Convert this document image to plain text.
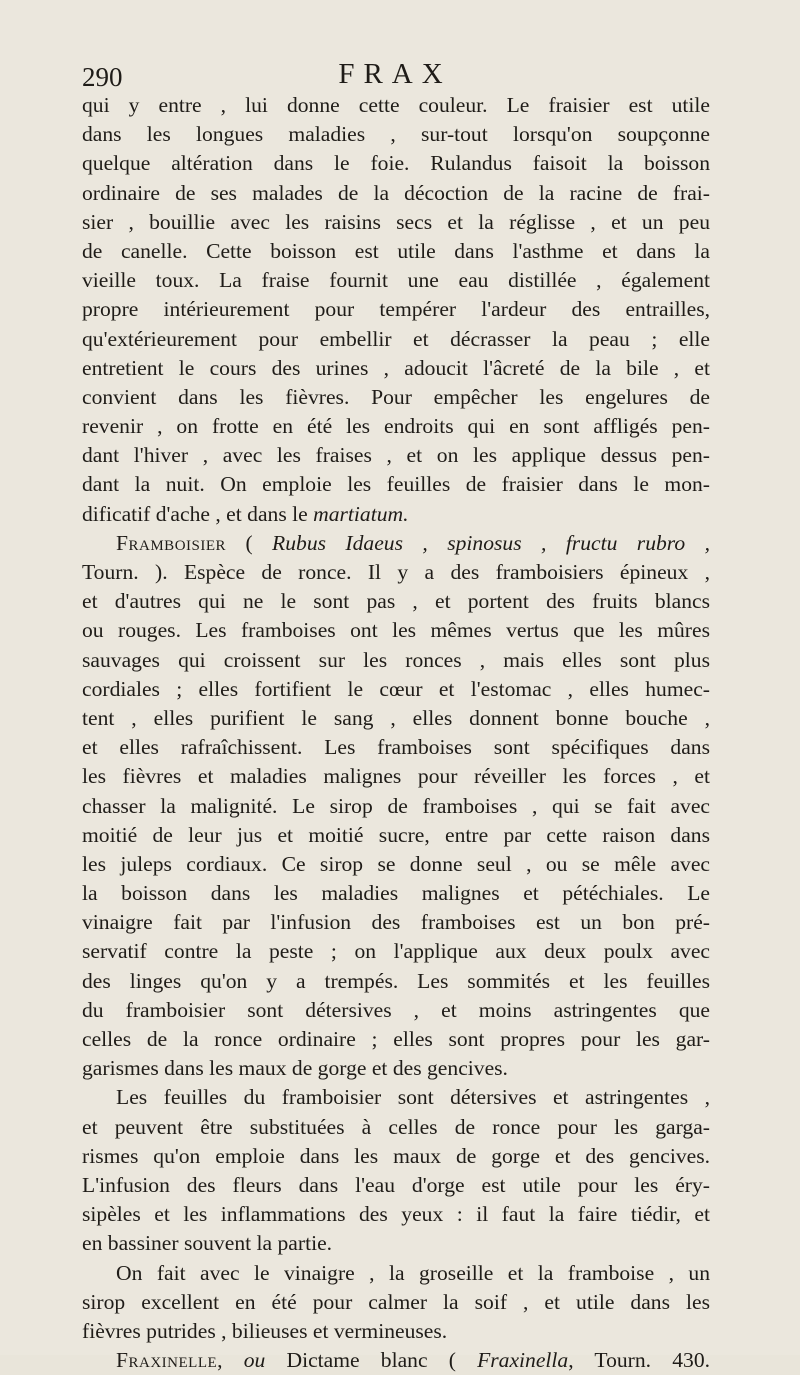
290	FRAX
qui y entre , lui donne cette couleur. Le fraisier est utile
dans les longues maladies , sur-tout lorsqu'on soupçonne
quelque altération dans le foie. Rulandus faisoit la boisson
ordinaire de ses malades de la décoction de la racine de frai-
sier , bouillie avec les raisins secs et la réglisse , et un peu
de canelle. Cette boisson est utile dans l'asthme et dans la
vieille toux. La fraise fournit une eau distillée , également
propre intérieurement pour tempérer l'ardeur des entrailles,
qu'extérieurement pour embellir et décrasser la peau ; elle
entretient le cours des urines , adoucit l'âcreté de la bile , et
convient dans les fièvres. Pour empêcher les engelures de
revenir , on frotte en été les endroits qui en sont affligés pen-
dant l'hiver , avec les fraises , et on les applique dessus pen-
dant la nuit. On emploie les feuilles de fraisier dans le mon-
dificatif d'ache , et dans le martiatum.
Framboisier ( Rubus Idaeus , spinosus , fructu rubro ,
Tourn. ). Espèce de ronce. Il y a des framboisiers épineux ,
et d'autres qui ne le sont pas , et portent des fruits blancs
ou rouges. Les framboises ont les mêmes vertus que les mûres
sauvages qui croissent sur les ronces , mais elles sont plus
cordiales ; elles fortifient le cœur et l'estomac , elles humec-
tent , elles purifient le sang , elles donnent bonne bouche ,
et elles rafraîchissent. Les framboises sont spécifiques dans
les fièvres et maladies malignes pour réveiller les forces , et
chasser la malignité. Le sirop de framboises , qui se fait avec
moitié de leur jus et moitié sucre, entre par cette raison dans
les juleps cordiaux. Ce sirop se donne seul , ou se mêle avec
la boisson dans les maladies malignes et pétéchiales. Le
vinaigre fait par l'infusion des framboises est un bon pré-
servatif contre la peste ; on l'applique aux deux poulx avec
des linges qu'on y a trempés. Les sommités et les feuilles
du framboisier sont détersives , et moins astringentes que
celles de la ronce ordinaire ; elles sont propres pour les gar-
garismes dans les maux de gorge et des gencives.
Les feuilles du framboisier sont détersives et astringentes ,
et peuvent être substituées à celles de ronce pour les garga-
rismes qu'on emploie dans les maux de gorge et des gencives.
L'infusion des fleurs dans l'eau d'orge est utile pour les éry-
sipèles et les inflammations des yeux : il faut la faire tiédir, et
en bassiner souvent la partie.
On fait avec le vinaigre , la groseille et la framboise , un
sirop excellent en été pour calmer la soif , et utile dans les
fièvres putrides , bilieuses et vermineuses.
Fraxinelle, ou Dictame blanc ( Fraxinella, Tourn. 430.
